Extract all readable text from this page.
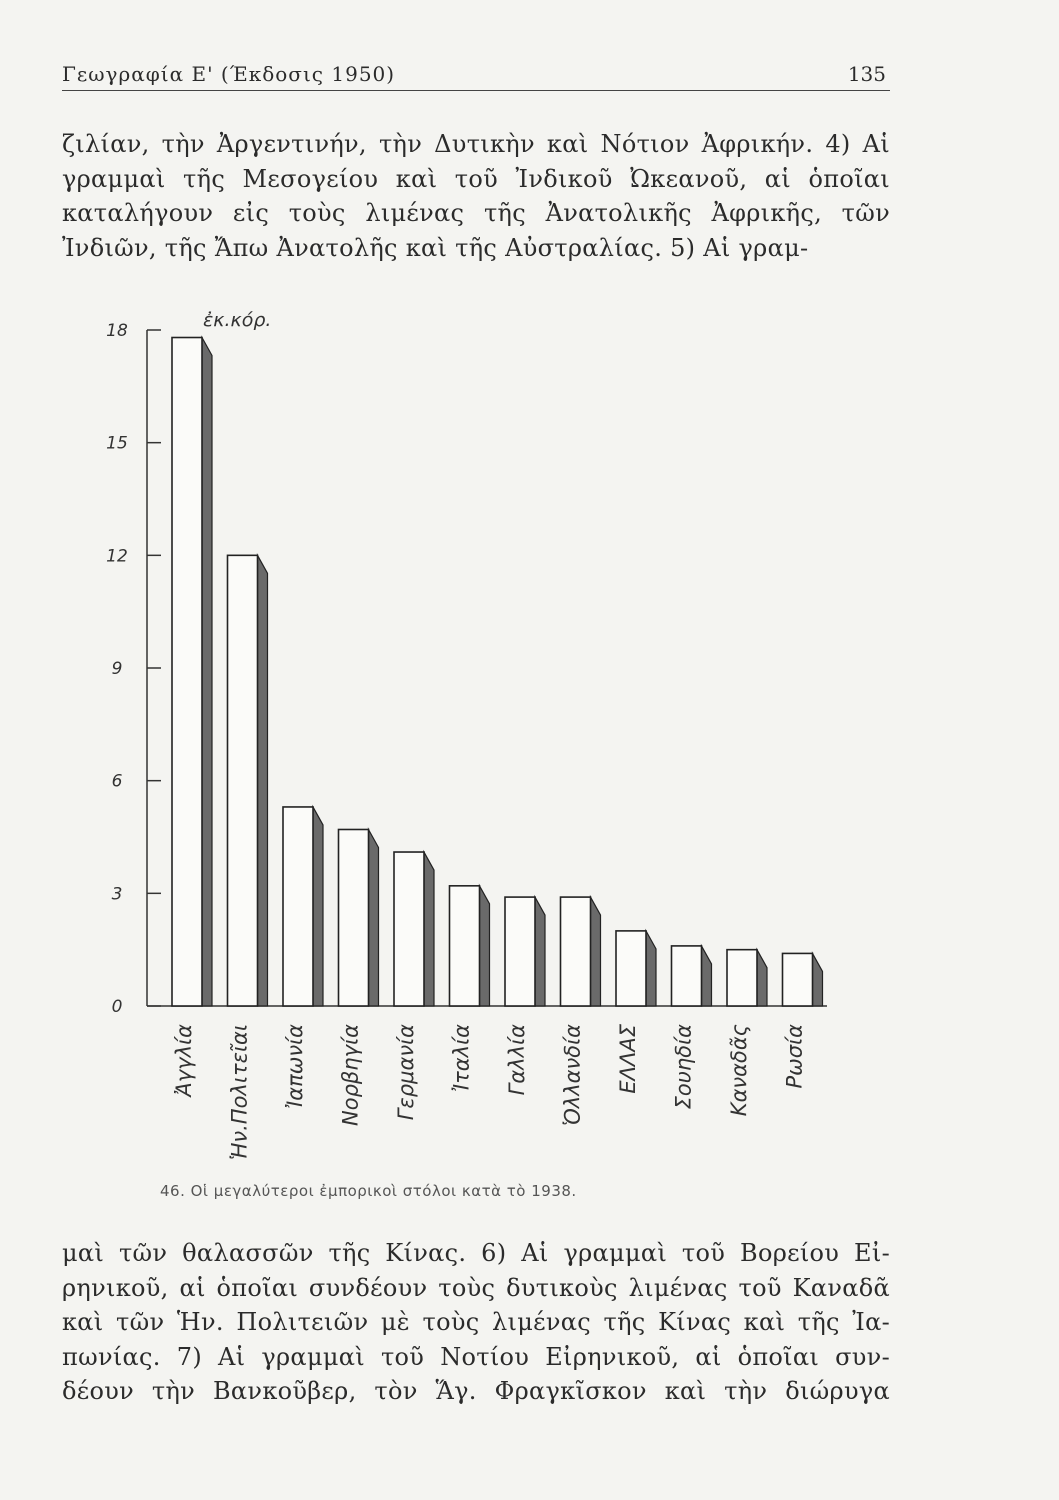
Γεωγραφία Ε' (Έκδοσις 1950)	135
ζιλίαν, τὴν Ἀργεντινήν, τὴν Δυτικὴν καὶ Νότιον Ἀφρικήν. 4) Αἱ
γραμμαὶ τῆς Μεσογείου καὶ τοῦ Ἰνδικοῦ Ὠκεανοῦ, αἱ ὁποῖαι
καταλήγουν εἰς τοὺς λιμένας τῆς Ἀνατολικῆς Ἀφρικῆς, τῶν
Ἰνδιῶν, τῆς Ἄπω Ἀνατολῆς καὶ τῆς Αὐστραλίας. 5) Αἱ γραμ-
0
3
6
9
12
15
18	ἐκ.κόρ.
Ἀγγλία Ἡν.Πολιτεῖαι Ἰαπωνία Νορβηγία Γερμανία Ἰταλία Γαλλία Ὁλλανδία ΕΛΛΑΣ Σουηδία Καναδᾶς Ρωσία
46. Οἱ μεγαλύτεροι ἐμπορικοὶ στόλοι κατὰ τὸ 1938.
μαὶ τῶν θαλασσῶν τῆς Κίνας. 6) Αἱ γραμμαὶ τοῦ Βορείου Εἰ-
ρηνικοῦ, αἱ ὁποῖαι συνδέουν τοὺς δυτικοὺς λιμένας τοῦ Καναδᾶ
καὶ τῶν Ἡν. Πολιτειῶν μὲ τοὺς λιμένας τῆς Κίνας καὶ τῆς Ἰα-
πωνίας. 7) Αἱ γραμμαὶ τοῦ Νοτίου Εἰρηνικοῦ, αἱ ὁποῖαι συν-
δέουν τὴν Βανκοῦβερ, τὸν Ἅγ. Φραγκῖσκον καὶ τὴν διώρυγα
